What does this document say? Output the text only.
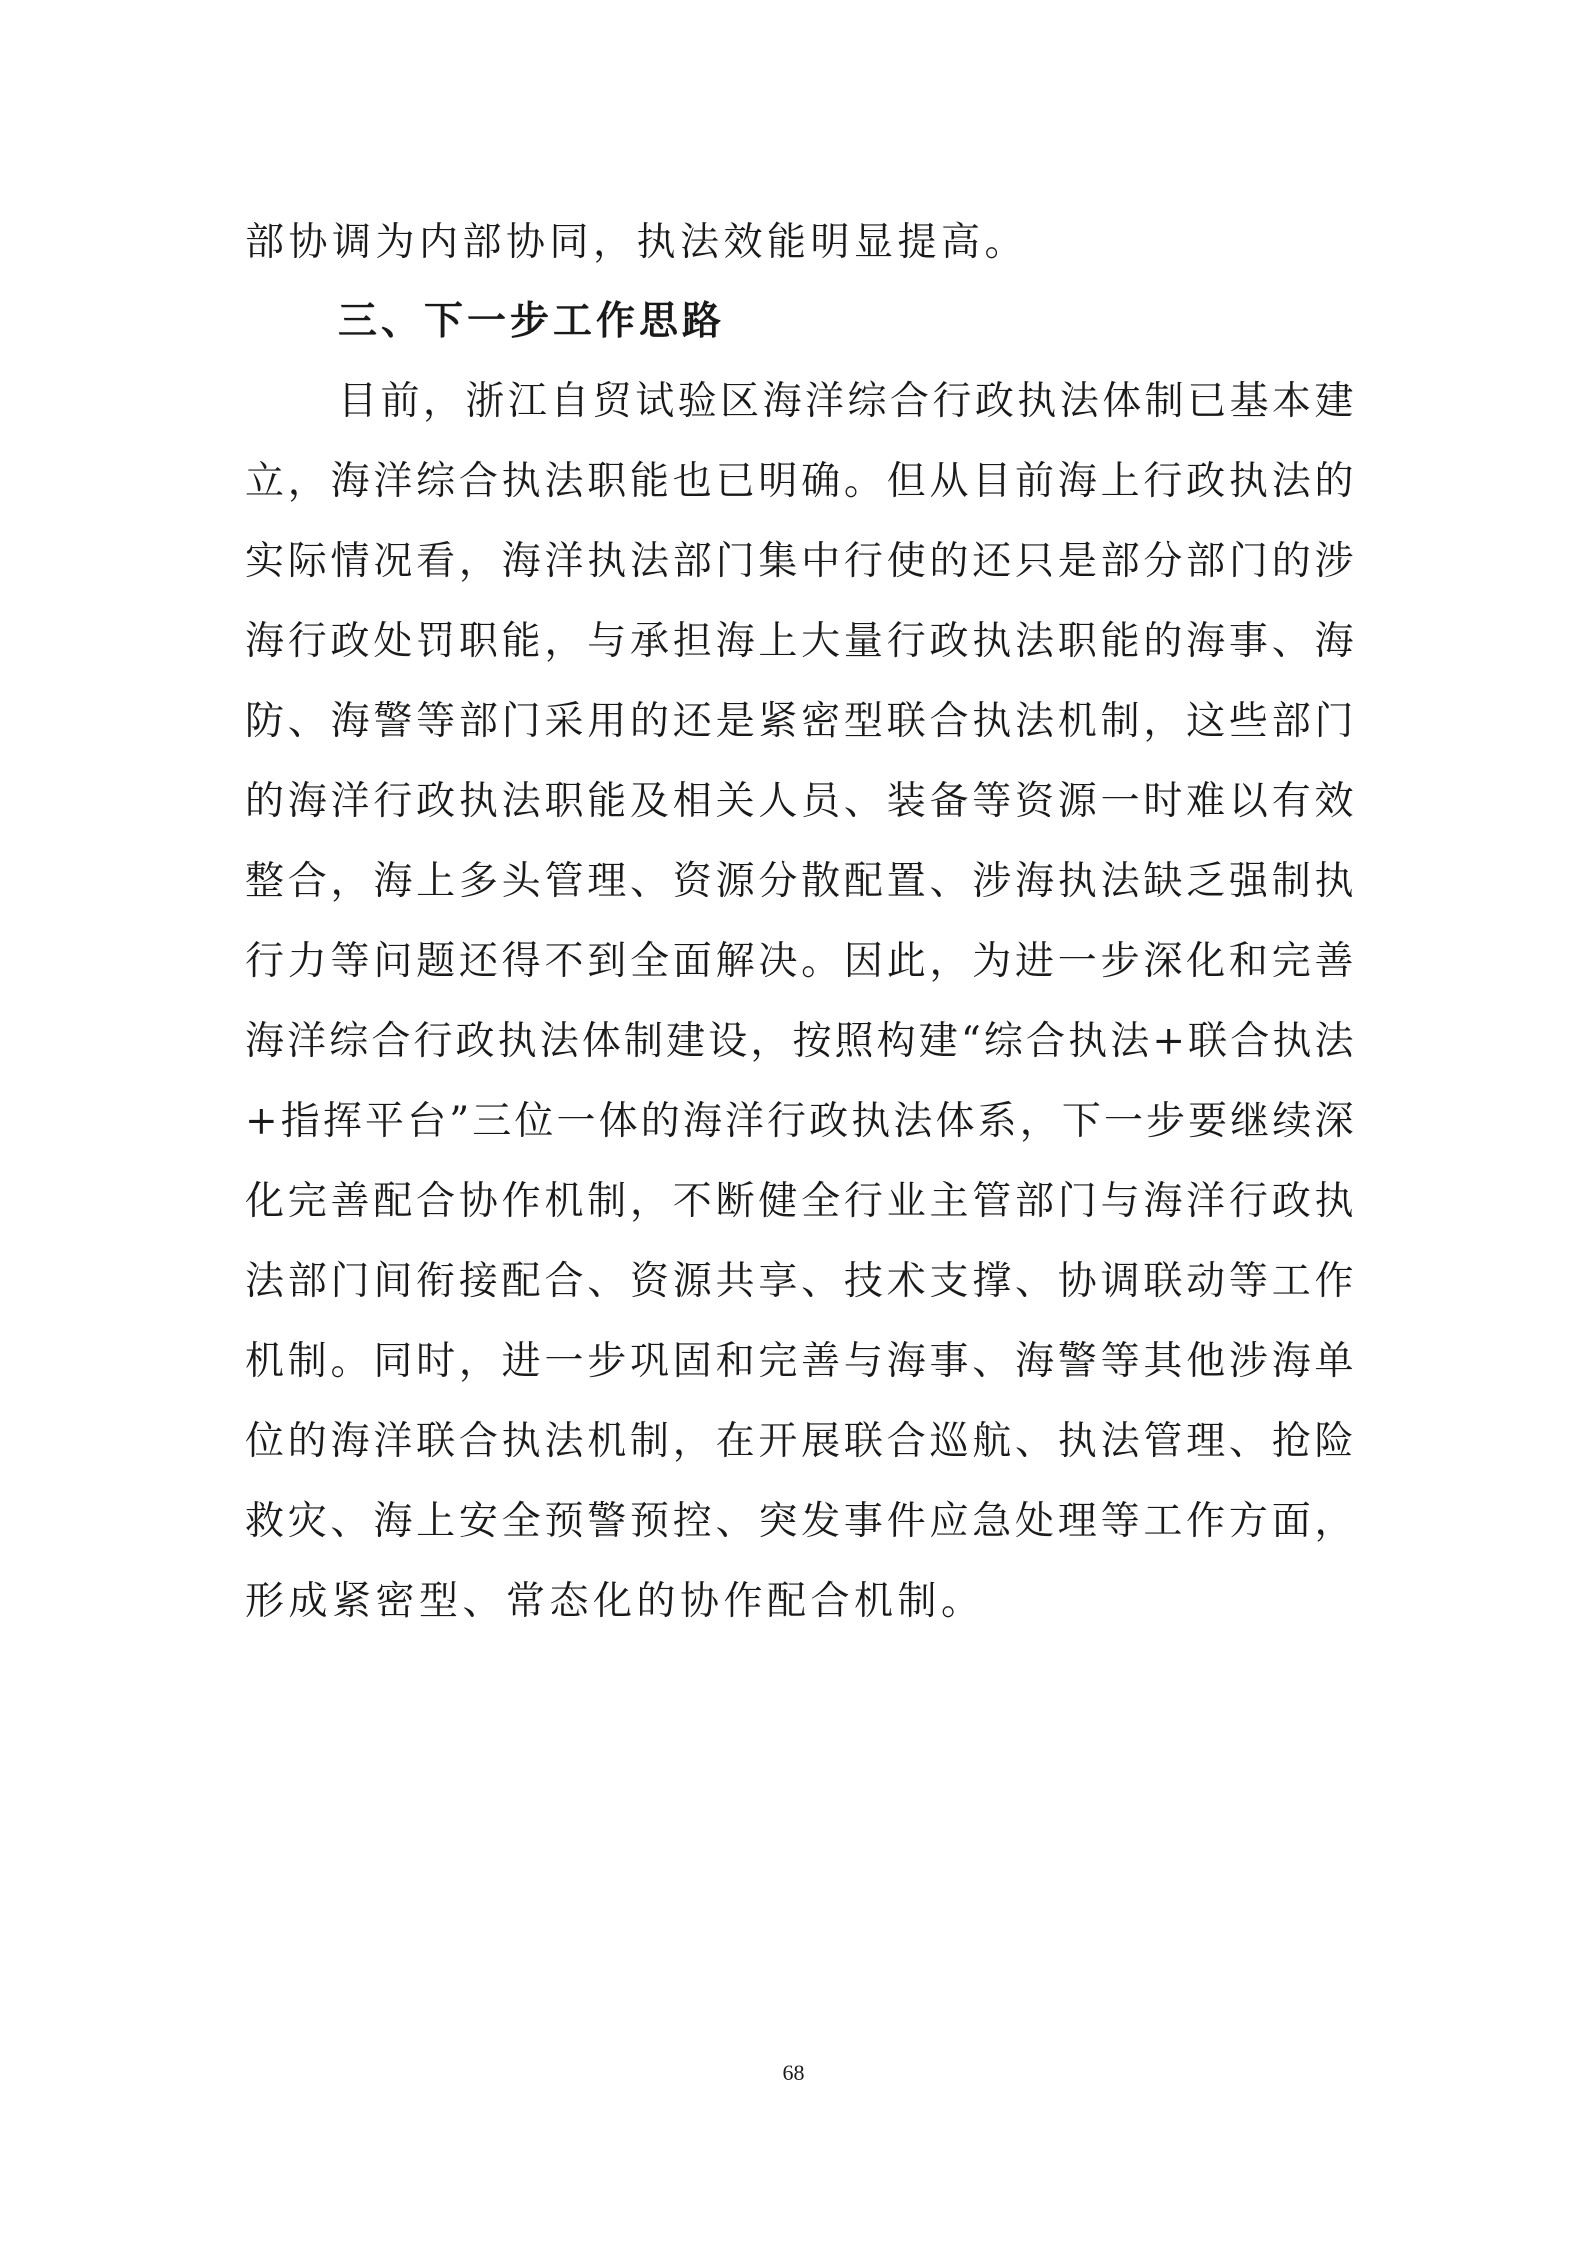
部协调为内部协同，执法效能明显提高。
三、下一步工作思路
目前，浙江自贸试验区海洋综合行政执法体制已基本建
立，海洋综合执法职能也已明确。但从目前海上行政执法的
实际情况看，海洋执法部门集中行使的还只是部分部门的涉
海行政处罚职能，与承担海上大量行政执法职能的海事、海
防、海警等部门采用的还是紧密型联合执法机制，这些部门
的海洋行政执法职能及相关人员、装备等资源一时难以有效
整合，海上多头管理、资源分散配置、涉海执法缺乏强制执
行力等问题还得不到全面解决。因此，为进一步深化和完善
海洋综合行政执法体制建设，按照构建“综合执法+联合执法
+指挥平台”三位一体的海洋行政执法体系，下一步要继续深
化完善配合协作机制，不断健全行业主管部门与海洋行政执
法部门间衔接配合、资源共享、技术支撑、协调联动等工作
机制。同时，进一步巩固和完善与海事、海警等其他涉海单
位的海洋联合执法机制，在开展联合巡航、执法管理、抢险
救灾、海上安全预警预控、突发事件应急处理等工作方面，
形成紧密型、常态化的协作配合机制。
68
